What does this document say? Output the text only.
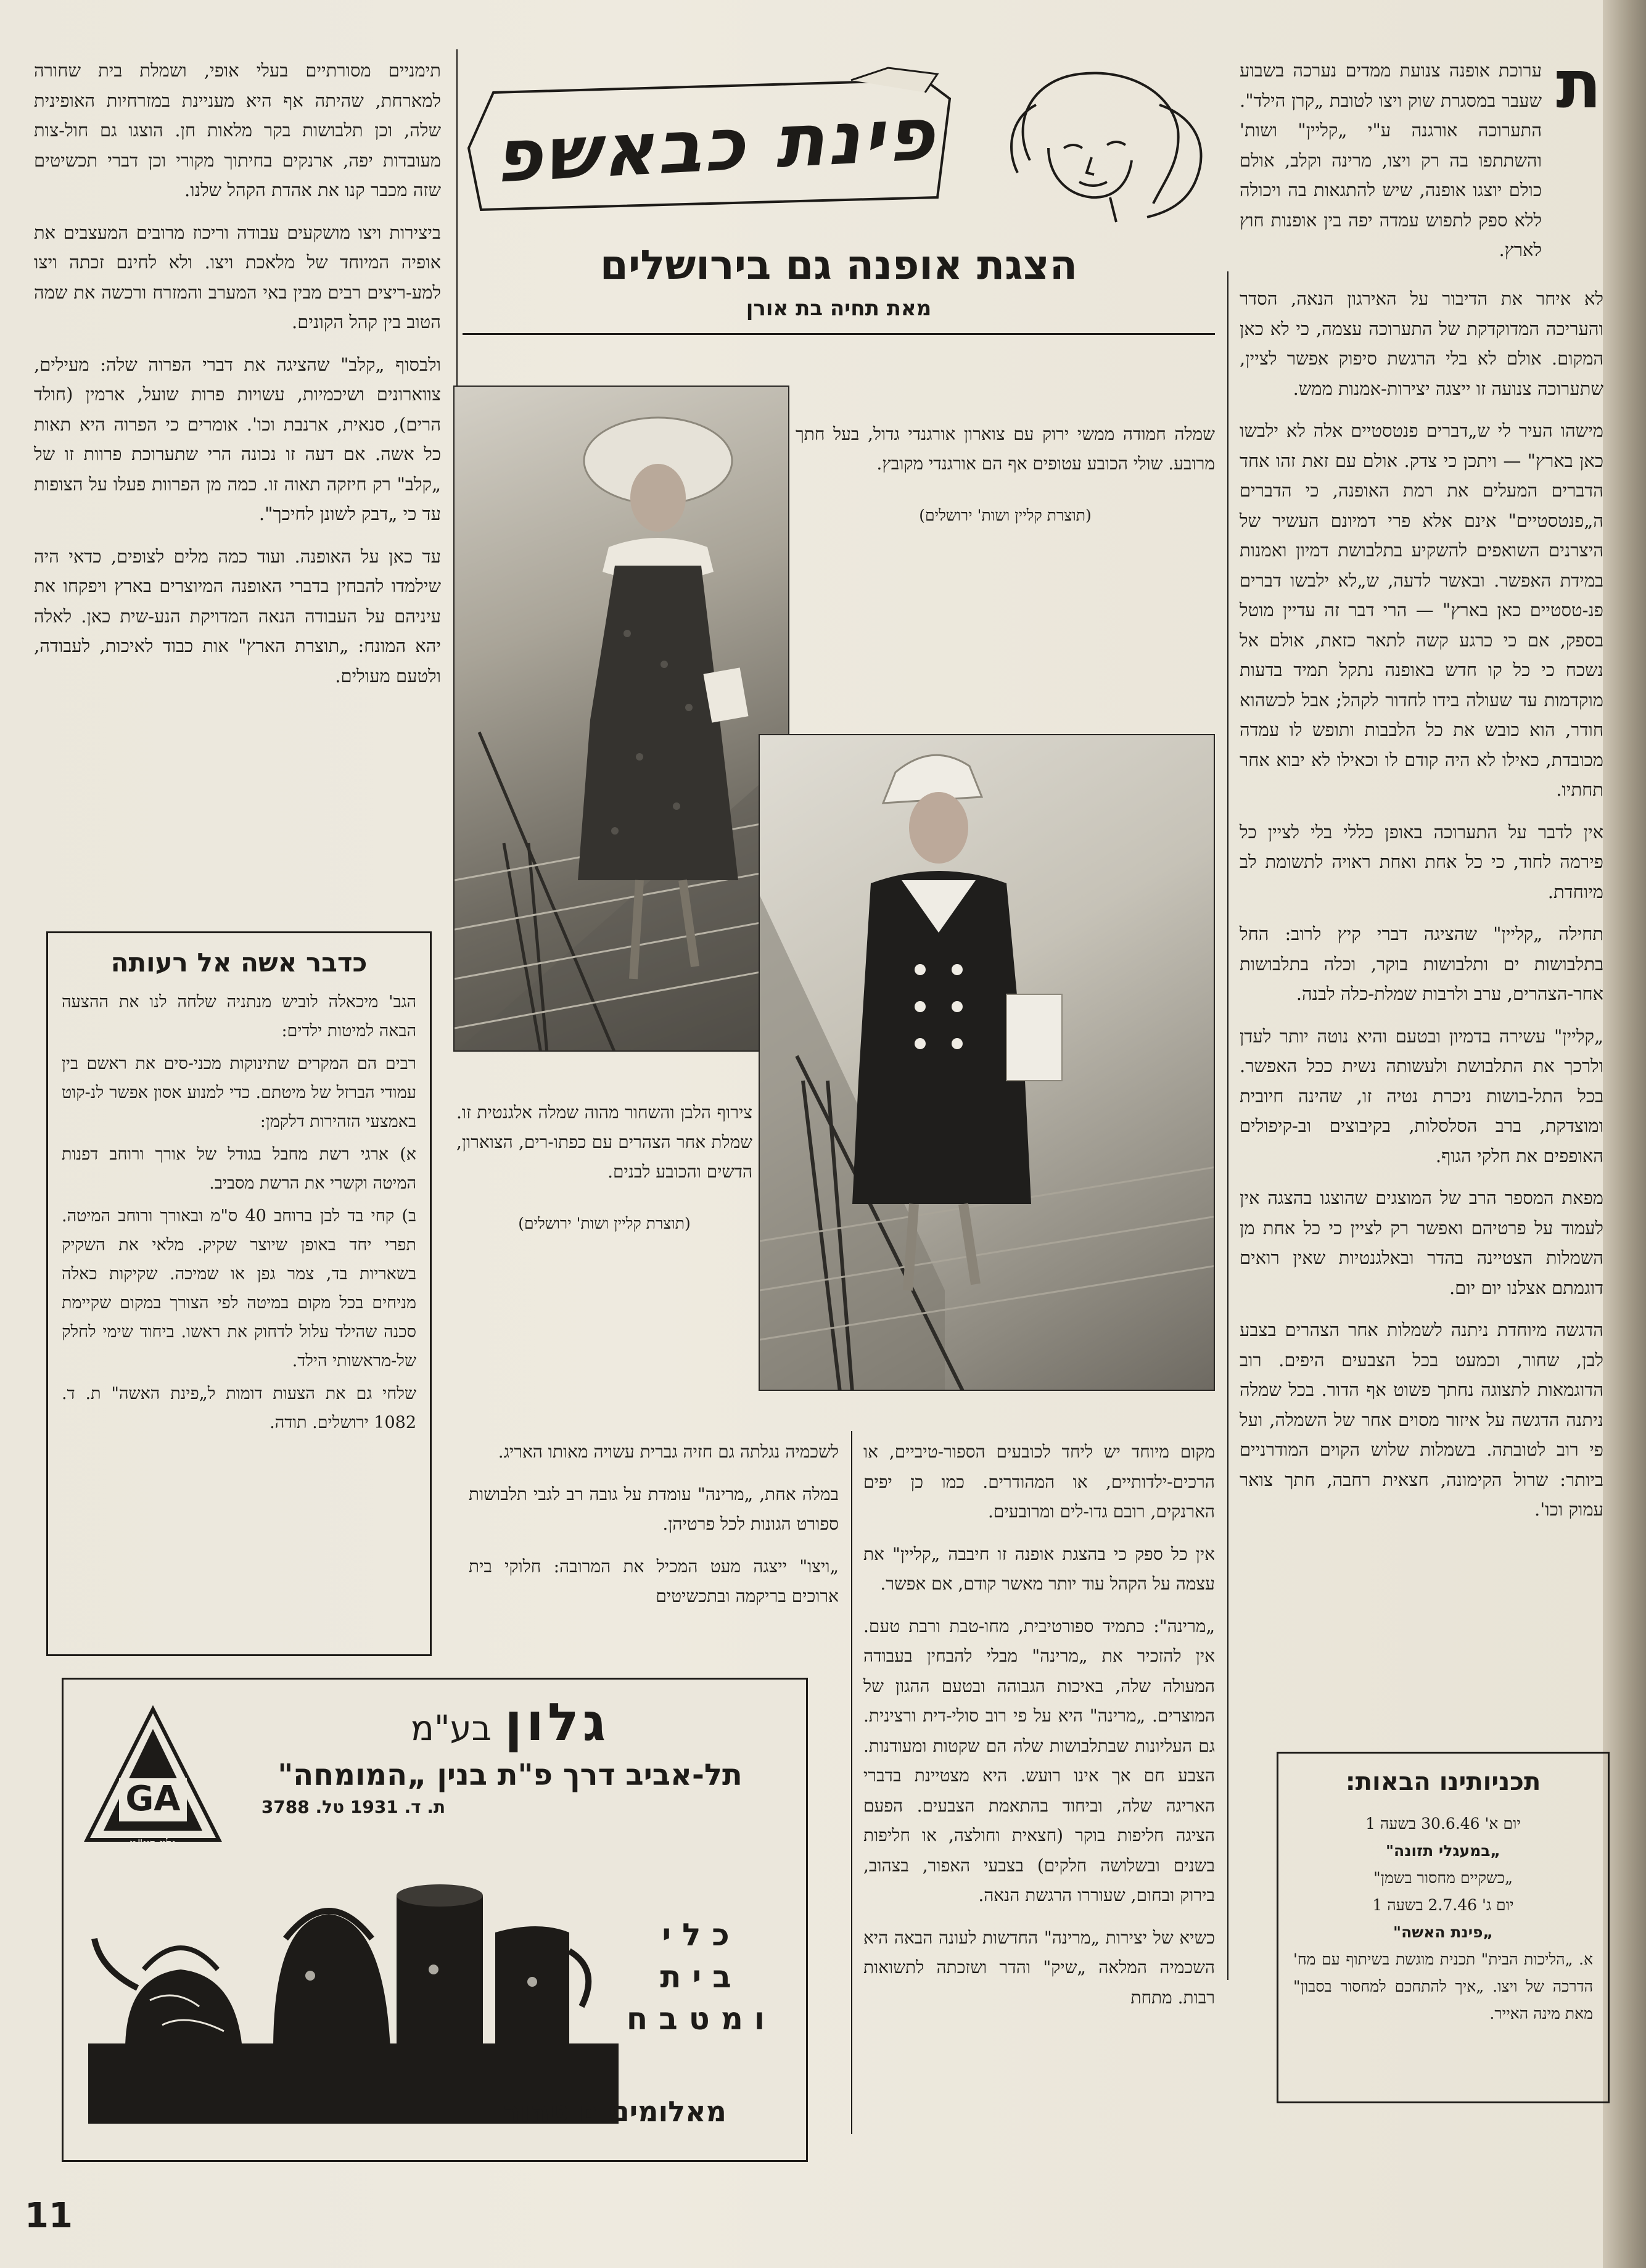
ת

ערוכת אופנה צנועת ממדים נערכה בשבוע שעבר במסגרת שוק ויצו לטובת „קרן הילד". התערוכה אורגנה ע"י „קליין" ושות' והשתתפו בה רק ויצו, מרינה וקלב, אולם כולם יוצגו אופנה, שיש להתגאות בה ויכולה ללא ספק לתפוש עמדה יפה בין אופנות חוץ לארץ.

לא איחר את הדיבור על האירגון הנאה, הסדר והעריכה המדוקדקת של התערוכה עצמה, כי לא כאן המקום. אולם לא בלי הרגשת סיפוק אפשר לציין, שתערוכה צנועה זו ייצגה יצירות-אמנות ממש.

מישהו העיר לי ש„דברים פנטסטיים אלה לא ילבשו כאן בארץ" — ויתכן כי צדק. אולם עם זאת זהו אחד הדברים המעלים את רמת האופנה, כי הדברים ה„פנטסטיים" אינם אלא פרי דמיונם העשיר של היצרנים השואפים להשקיע בתלבושת דמיון ואמנות במידת האפשר. ובאשר לדעה, ש„לא ילבשו דברים פנ-טסטיים כאן בארץ" — הרי דבר זה עדיין מוטל בספק, אם כי כרגע קשה לתאר כזאת, אולם אל נשכח כי כל קו חדש באופנה נתקל תמיד בדעות מוקדמות עד שעולה בידו לחדור לקהל; אבל לכשהוא חודר, הוא כובש את כל הלבבות ותופש לו עמדה מכובדת, כאילו לא היה קודם לו וכאילו לא יבוא אחר תחתיו.

אין לדבר על התערוכה באופן כללי בלי לציין כל פירמה לחוד, כי כל אחת ואחת ראויה לתשומת לב מיוחדת.

תחילה „קליין" שהציגה דברי קיץ לרוב: החל בתלבושות ים ותלבושות בוקר, וכלה בתלבושות אחר-הצהרים, ערב ולרבות שמלת-כלה לבנה.

„קליין" עשירה בדמיון ובטעם והיא נוטה יותר לעדן ולרכך את התלבושת ולעשותה נשית ככל האפשר. בכל התל-בושות ניכרת נטיה זו, שהינה חיובית ומוצדקת, ברב הסלסלות, בקיבוצים וב-קיפולים האופפים את חלקי הגוף.

מפאת המספר הרב של המוצגים שהוצגו בהצגה אין לעמוד על פרטיהם ואפשר רק לציין כי כל אחת מן השמלות הצטיינה בהדר ובאלגנטיות שאין רואים דוגמתם אצלנו יום יום.

הדגשה מיוחדת ניתנה לשמלות אחר הצהרים בצבע לבן, שחור, וכמעט בכל הצבעים היפים. רוב הדוגמאות לתצוגה נחתך פשוט אף הדור. בכל שמלה ניתנה הדגשה על איזור מסוים אחר של השמלה, ועל פי רוב לטובתה. בשמלות שלוש הקוים המודרניים ביותר: שרול הקימונה, חצאית רחבה, חתך צואר עמוק וכו'.

פינת כבאשפ
הצגת אופנה גם בירושלים
מאת תחיה בת אורן
שמלה חמודה ממשי ירוק עם צוארון אורגנדי גדול, בעל חתך מרובע. שולי הכובע עטופים אף הם אורגנדי מקובץ.
(תוצרת קליין ושות' ירושלים)
צירוף הלבן והשחור מהוה שמלה אלגנטית זו. שמלת אחר הצהרים עם כפתו-רים, הצוארון, הדשים והכובע לבנים.
(תוצרת קליין ושות' ירושלים)

תימניים מסורתיים בעלי אופי, ושמלת בית שחורה למארחת, שהיתה אף היא מעניינת במזרחיות האופינית שלה, וכן תלבושות בקר מלאות חן. הוצגו גם חול-צות מעובדות יפה, ארנקים בחיתוך מקורי וכן דברי תכשיטים שזה מכבר קנו את אהדת הקהל שלנו.

ביצירות ויצו מושקעים עבודה וריכוז מרובים המעצבים את אופיה המיוחד של מלאכת ויצו. ולא לחינם זכתה ויצו למע-ריצים רבים מבין באי המערב והמזרח ורכשה את שמה הטוב בין קהל הקונים.

ולבסוף „קלב" שהציגה את דברי הפרוה שלה: מעילים, צווארונים ושיכמיות, עשויות פרות שועל, ארמין (חולד הרים), סנאית, ארנבת וכו'. אומרים כי הפרוה היא תאות כל אשה. אם דעה זו נכונה הרי שתערוכת פרוות זו של „קלב" רק חיזקה תאוה זו. כמה מן הפרוות פעלו על הצופות עד כי „דבק לשונן לחיכך".

עד כאן על האופנה. ועוד כמה מלים לצופים, כדאי היה שילמדו להבחין בדברי האופנה המיוצרים בארץ ויפקחו את עיניהם על העבודה הנאה המדויקת הנע-שית כאן. לאלה יהא המונח: „תוצרת הארץ" אות כבוד לאיכות, לעבודה, ולטעם מעולים.

כדבר אשה אל רעותה

הגב' מיכאלה לוביש מנתניה שלחה לנו את ההצעה הבאה למיטות ילדים:

רבים הם המקרים שתינוקות מכני-סים את ראשם בין עמודי הברזל של מיטתם. כדי למנוע אסון אפשר לנ-קוט באמצעי הזהירות דלקמן:

א) ארגי רשת מחבל בגודל של אורך ורוחב דפנות המיטה וקשרי את הרשת מסביב.

ב) קחי בד לבן ברוחב 40 ס"מ ובאורך ורוחב המיטה. תפרי יחד באופן שיוצר שקיק. מלאי את השקיק בשאריות בד, צמר גפן או שמיכה. שקיקות כאלה מניחים בכל מקום במיטה לפי הצורך במקום שקיימת סכנה שהילד עלול לדחוק את ראשו. ביחוד שימי לחלק של-מראשותי הילד.

שלחי גם את הצעות דומות ל„פינת האשה" ת. ד. 1082 ירושלים. תודה.

לשכמיה נגלתה גם חזיה גברית עשויה מאותו האריג.

במלה אחת, „מרינה" עומדת על גובה רב לגבי תלבושות ספורט הגונות לכל פרטיהן.

„ויצו" ייצגה מעט המכיל את המרובה: חלוקי בית ארוכים בריקמה ובתכשיטים

מקום מיוחד יש ליחד לכובעים הספור-טיביים, או הרכים-ילדותיים, או המהודרים. כמו כן יפים הארנקים, רובם גדו-לים ומרובעים.

אין כל ספק כי בהצגת אופנה זו חיבבה „קליין" את עצמה על הקהל עוד יותר מאשר קודם, אם אפשר.

„מרינה": כתמיד ספורטיבית, מחו-טבת ורבת טעם. אין להזכיר את „מרינה" מבלי להבחין בעבודה המעולה שלה, באיכות הגבוהה ובטעם ההגון של המוצרים. „מרינה" היא על פי רוב סולי-דית ורצינית. גם העליונות שבתלבושות שלה הם שקטות ומעודנות. הצבע חם אך אינו רועש. היא מצטיינת בדברי האריגה שלה, וביחוד בהתאמת הצבעים. הפעם הציגה חליפות בוקר (חצאית וחולצה, או חליפות בשנים ובשלושה חלקים) בצבעי האפור, בצהוב, בירוק ובחום, שעוררו הרגשת הנאה.

כשיא של יצירות „מרינה" החדשות לעונה הבאה היא השכמיה המלאה „שיק" והדר ושזכתה לתשואות רבות. מתחת

GA
גלון בע"מ
גלון בע"מ
תל-אביב דרך פ"ת בנין „המומחה"
ת. ד. 1931 טל. 3788
כלי
בית
ומטבח
מאלומיניום טהור
תכניותינו הבאות:
יום א' 30.6.46 בשעה 1
„במעגלי תזונה"
„כשקיים מחסור בשמן"
יום ג' 2.7.46 בשעה 1
„פינת האשה"
א. „הליכות הבית" תכנית מוגשת בשיתוף עם מח' הדרכה של ויצו. „איך להתחכם למחסור בסבון" מאת מינה האייר.
11
